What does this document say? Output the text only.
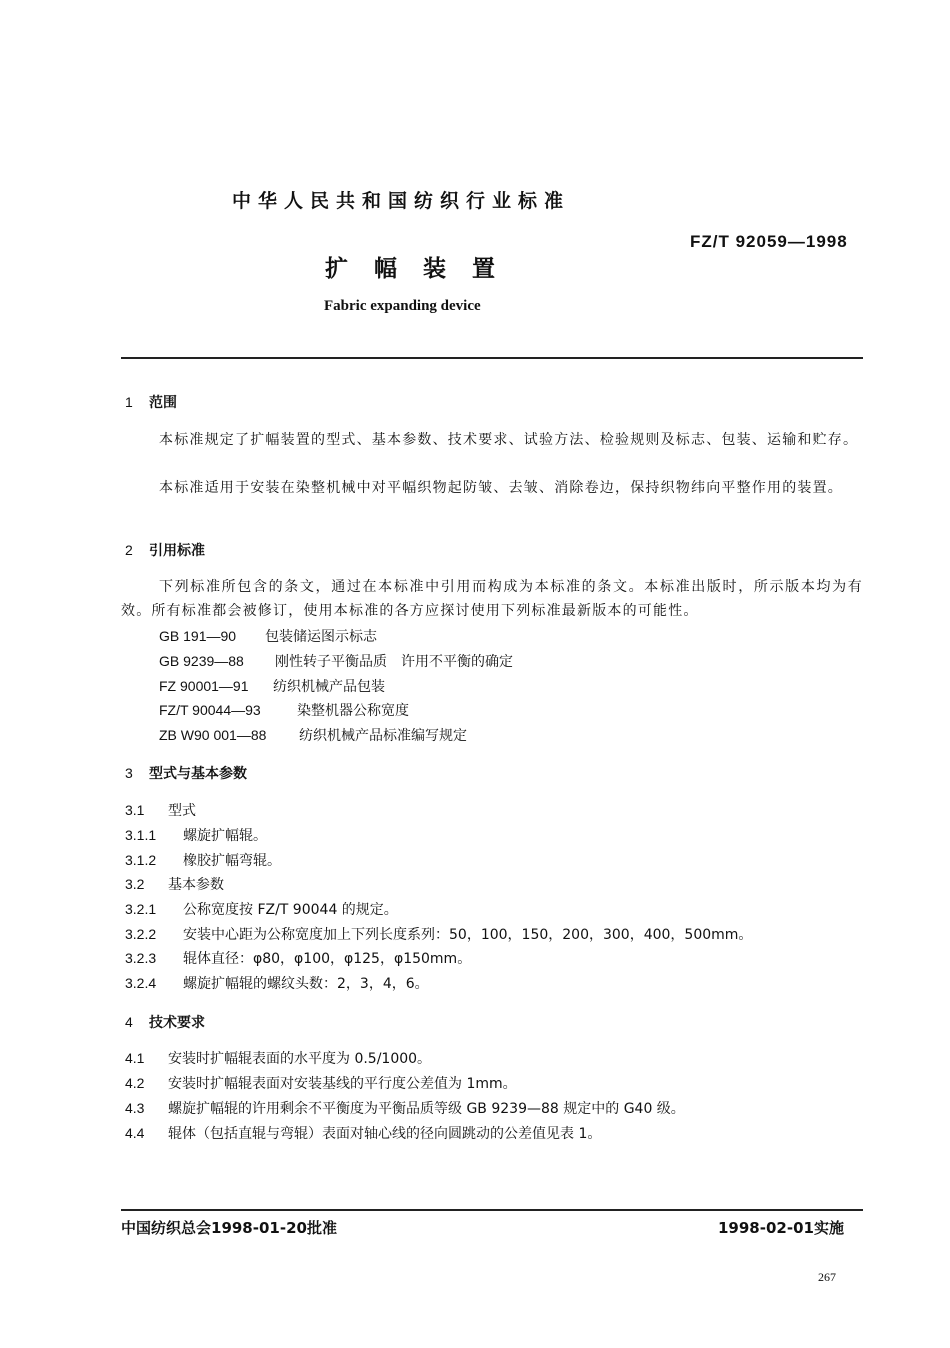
中华人民共和国纺织行业标准
FZ/T 92059—1998
扩幅装置
Fabric expanding device
1 范围
本标准规定了扩幅装置的型式、基本参数、技术要求、试验方法、检验规则及标志、包装、运输和贮存。
本标准适用于安装在染整机械中对平幅织物起防皱、去皱、消除卷边，保持织物纬向平整作用的装置。
2 引用标准
下列标准所包含的条文，通过在本标准中引用而构成为本标准的条文。本标准出版时，所示版本均为有效。所有标准都会被修订，使用本标准的各方应探讨使用下列标准最新版本的可能性。
GB 191—90 包装储运图示标志
GB 9239—88 刚性转子平衡品质　许用不平衡的确定
FZ 90001—91 纺织机械产品包装
FZ/T 90044—93	染整机器公称宽度
ZB W90 001—88 纺织机械产品标准编写规定
3 型式与基本参数
3.1 型式
3.1.1 螺旋扩幅辊。
3.1.2 橡胶扩幅弯辊。
3.2 基本参数
3.2.1 公称宽度按 FZ/T 90044 的规定。
3.2.2 安装中心距为公称宽度加上下列长度系列：50，100，150，200，300，400，500mm。
3.2.3 辊体直径：φ80，φ100，φ125，φ150mm。
3.2.4 螺旋扩幅辊的螺纹头数：2，3，4，6。
4 技术要求
4.1 安装时扩幅辊表面的水平度为 0.5/1000。
4.2 安装时扩幅辊表面对安装基线的平行度公差值为 1mm。
4.3 螺旋扩幅辊的许用剩余不平衡度为平衡品质等级 GB 9239—88 规定中的 G40 级。
4.4 辊体（包括直辊与弯辊）表面对轴心线的径向圆跳动的公差值见表 1。
中国纺织总会1998-01-20批准	1998-02-01实施
267
